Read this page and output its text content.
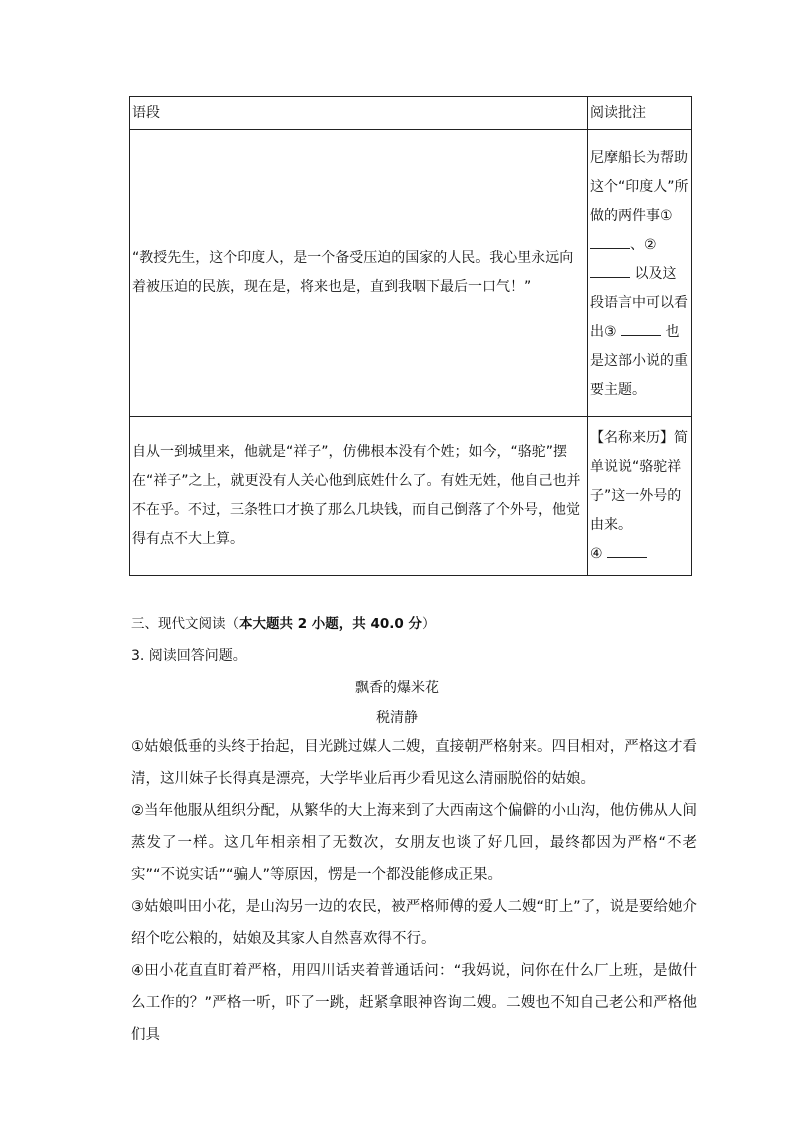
语段	阅读批注
“教授先生，这个印度人，是一个备受压迫的国家的人民。我心里永远向着被压迫的民族，现在是，将来也是，直到我咽下最后一口气！”	尼摩船长为帮助这个“印度人”所做的两件事①
、②
以及这段语言中可以看出③ 也是这部小说的重要主题。
自从一到城里来，他就是“祥子”，仿佛根本没有个姓；如今，“骆驼”摆在“祥子”之上，就更没有人关心他到底姓什么了。有姓无姓，他自己也并不在乎。不过，三条牲口才换了那么几块钱，而自己倒落了个外号，他觉得有点不大上算。	【名称来历】简单说说“骆驼祥子”这一外号的由来。
④
三、现代文阅读（本大题共 2 小题，共 40.0 分）
3. 阅读回答问题。
飘香的爆米花
税清静
①姑娘低垂的头终于抬起，目光跳过媒人二嫂，直接朝严格射来。四目相对，严格这才看清，这川妹子长得真是漂亮，大学毕业后再少看见这么清丽脱俗的姑娘。
②当年他服从组织分配，从繁华的大上海来到了大西南这个偏僻的小山沟，他仿佛从人间蒸发了一样。这几年相亲相了无数次，女朋友也谈了好几回，最终都因为严格“不老实”“不说实话”“骗人”等原因，愣是一个都没能修成正果。
③姑娘叫田小花，是山沟另一边的农民，被严格师傅的爱人二嫂“盯上”了，说是要给她介绍个吃公粮的，姑娘及其家人自然喜欢得不行。
④田小花直直盯着严格，用四川话夹着普通话问：“我妈说，问你在什么厂上班，是做什么工作的？”严格一听，吓了一跳，赶紧拿眼神咨询二嫂。二嫂也不知自己老公和严格他们具
